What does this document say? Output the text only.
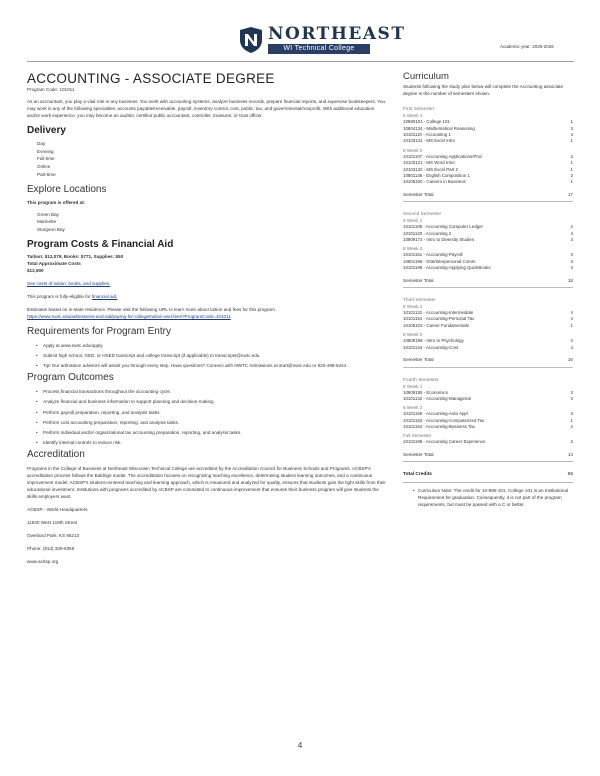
NORTHEAST
WI Technical College	Academic year: 2025-2026
ACCOUNTING - ASSOCIATE DEGREE
Program Code: 101011
As an accountant, you play a vital role in any business. You work with accounting systems, analyze business records, prepare financial reports, and supervise bookkeepers. You may work in any of the following specialties: accounts payable/receivable, payroll, inventory control, cost, public, tax, and governmental/nonprofit. With additional education and/or work experience, you may become an auditor, certified public accountant, controller, treasurer, or trust officer.
Delivery
Day
Evening
Full-time
Online
Part-time
Explore Locations
This program is offered at:
Green Bay
Marinette
Sturgeon Bay
Program Costs & Financial Aid
Tuition: $12,079, Books: $771, Supplies: $50
Total Approximate Costs
$12,900
See costs of tuition, books, and supplies.
This program is fully-eligible for financial aid.
Estimates based on in-state residence. Please visit the following URL to learn more about tuition and fees for this program.
https://www.nwtc.edu/admissions-and-aid/paying-for-college/tuition-and-fees?ProgramCode=101011
Requirements for Program Entry
• Apply at www.nwtc.edu/apply.
• Submit high school, GED, or HSED transcript and college transcript (if applicable) to transcripts@nwtc.edu.
• Tip! Our admission advisors will assist you through every step. Have questions? Connect with NWTC Admissions at start@nwtc.edu or 920-498-5444.
Program Outcomes
• Process financial transactions throughout the accounting cycle.
• Analyze financial and business information to support planning and decision-making.
• Perform payroll preparation, reporting, and analysis tasks.
• Perform cost accounting preparation, reporting, and analysis tasks.
• Perform individual and/or organizational tax accounting preparation, reporting, and analysis tasks.
• Identify internal controls to reduce risk.
Accreditation
Programs in the College of Business at Northeast Wisconsin Technical College are accredited by the Accreditation Council for Business Schools and Programs. ACBSP's accreditation process follows the Baldrige model. The accreditation focuses on recognizing teaching excellence, determining student learning outcomes, and a continuous improvement model. ACBSP's student-centered teaching and learning approach, which is measured and analyzed for quality, ensures that students gain the tight skills from their educational investment. Institutions with programs accredited by ACBSP are committed to continuous improvement that ensures their business program will give students the skills employers want.
ACBSP - World Headquarters
11520 West 119th Street
Overland Park, KS 66213
Phone: (913) 339-9356
www.acbsp.org
Curriculum
Students following the study plan below will complete the Accounting associate degree in the number of semesters shown.
First Semester
8 Week 1
10890101 - College 101	1
10804134 - Mathematical Reasoning	3
10101110 - Accounting 1	4
10103131 - MS Excel Intro	1
8 Week 2
10101107 - Accounting Applications/Proc	2
10103121 - MS Word Intro	1
10103132 - MS Excel Part 2	1
10801136 - English Composition 1	3
10105100 - Careers in Business	1
Semester Total	17
Second Semester
8 Week 1
10101105 - Accounting Computer Ledger	2
10101120 - Accounting 2	4
10809172 - Intro to Diversity Studies	3
8 Week 2
10101151 - Accounting-Payroll	3
10801196 - Oral/Interpersonal Comm	3
10101189 - Accounting-Applying QuickBooks	3
Semester Total	18
Third Semester
8 Week 1
10101131 - Accounting-Intermediate	4
10101154 - Accounting-Personal Tax	4
10105103 - Career Fundamentals	1
8 Week 2
10809198 - Intro to Psychology	3
10101134 - Accounting-Cost	4
Semester Total	16
Fourth Semester
8 Week 1
10809195 - Economics	3
10101142 - Accounting-Managerial	3
8 Week 2
10101156 - Accounting-Auto Appl	3
10101153 - Accounting-Computerized Tax	1
10101152 - Accounting-Business Tax	2
Full Semester
10101199 - Accounting Career Experience	2
Semester Total	14
Total Credits	65
• Curriculum Note: The credit for 10-890-101, College 101 is an Institutional Requirement for graduation. Consequently, it is not part of the program requirements, but must be passed with a C or better.
4
